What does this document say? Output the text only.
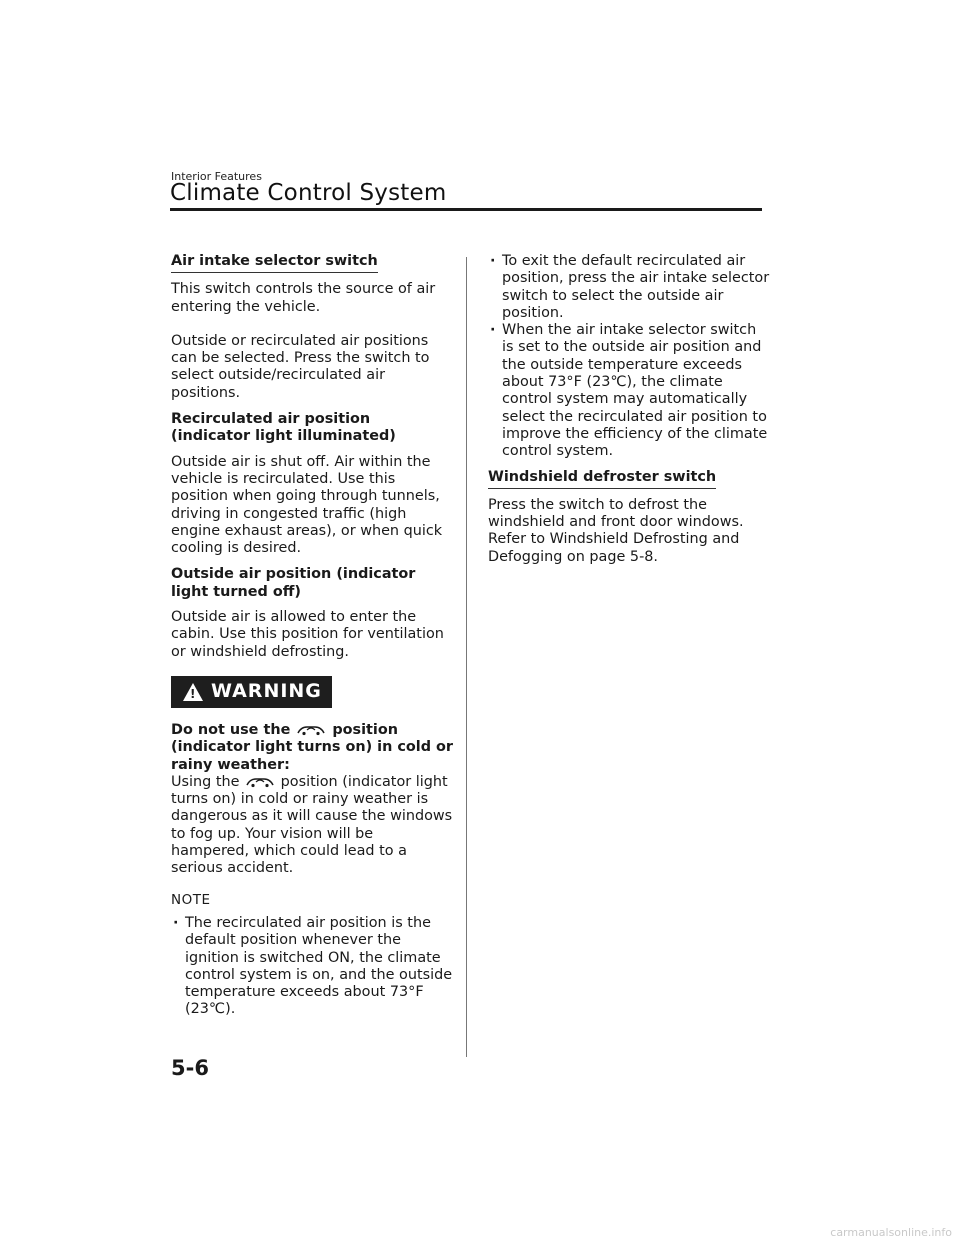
Interior Features
Climate Control System
Air intake selector switch

This switch controls the source of air entering the vehicle.

Outside or recirculated air positions can be selected. Press the switch to select outside/recirculated air positions.

Recirculated air position (indicator light illuminated)

Outside air is shut off. Air within the vehicle is recirculated. Use this position when going through tunnels, driving in congested traffic (high engine exhaust areas), or when quick cooling is desired.

Outside air position (indicator light turned off)

Outside air is allowed to enter the cabin. Use this position for ventilation or windshield defrosting.

!
WARNING
Do not use the	position (indicator light turns on) in cold or rainy weather:
Using the	position (indicator light turns on) in cold or rainy weather is dangerous as it will cause the windows to fog up. Your vision will be hampered, which could lead to a serious accident.
NOTE
· The recirculated air position is the default position whenever the ignition is switched ON, the climate control system is on, and the outside temperature exceeds about 73°F (23℃).
· To exit the default recirculated air position, press the air intake selector switch to select the outside air position.
· When the air intake selector switch is set to the outside air position and the outside temperature exceeds about 73°F (23℃), the climate control system may automatically select the recirculated air position to improve the efficiency of the climate control system.
Windshield defroster switch

Press the switch to defrost the windshield and front door windows. Refer to Windshield Defrosting and Defogging on page 5-8.

5-6
carmanualsonline.info
